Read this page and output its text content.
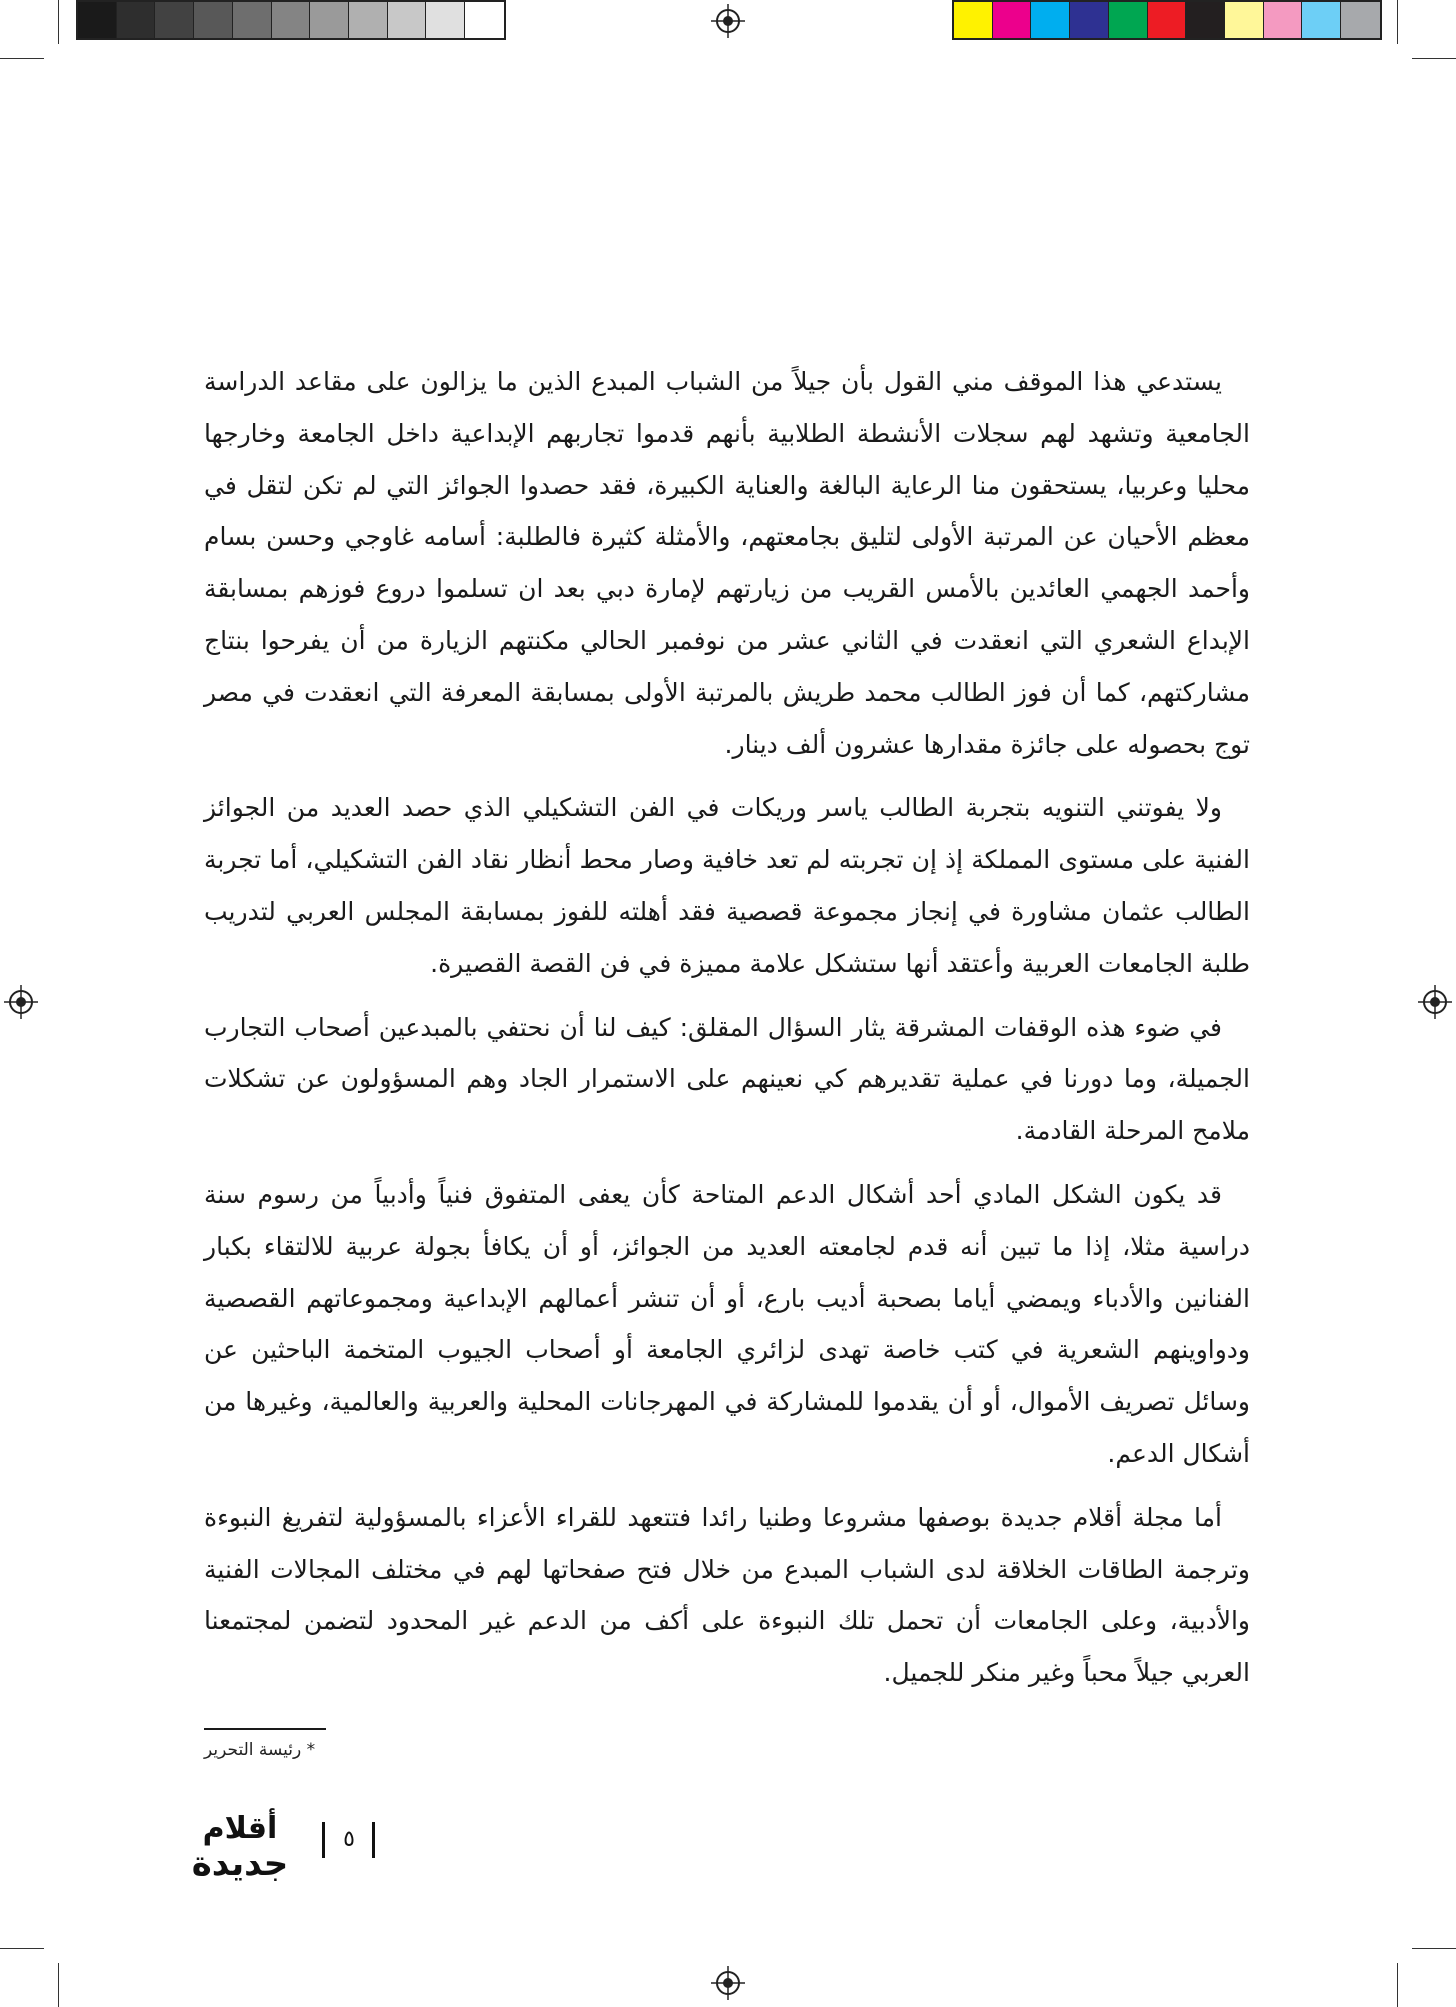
يستدعي هذا الموقف مني القول بأن جيلاً من الشباب المبدع الذين ما يزالون على مقاعد الدراسة الجامعية وتشهد لهم سجلات الأنشطة الطلابية بأنهم قدموا تجاربهم الإبداعية داخل الجامعة وخارجها محليا وعربيا، يستحقون منا الرعاية البالغة والعناية الكبيرة، فقد حصدوا الجوائز التي لم تكن لتقل في معظم الأحيان عن المرتبة الأولى لتليق بجامعتهم، والأمثلة كثيرة فالطلبة: أسامه غاوجي وحسن بسام وأحمد الجهمي العائدين بالأمس القريب من زيارتهم لإمارة دبي بعد ان تسلموا دروع فوزهم بمسابقة الإبداع الشعري التي انعقدت في الثاني عشر من نوفمبر الحالي مكنتهم الزيارة من أن يفرحوا بنتاج مشاركتهم، كما أن فوز الطالب محمد طريش بالمرتبة الأولى بمسابقة المعرفة التي انعقدت في مصر توج بحصوله على جائزة مقدارها عشرون ألف دينار.

ولا يفوتني التنويه بتجربة الطالب ياسر وريكات في الفن التشكيلي الذي حصد العديد من الجوائز الفنية على مستوى المملكة إذ إن تجربته لم تعد خافية وصار محط أنظار نقاد الفن التشكيلي، أما تجربة الطالب عثمان مشاورة في إنجاز مجموعة قصصية فقد أهلته للفوز بمسابقة المجلس العربي لتدريب طلبة الجامعات العربية وأعتقد أنها ستشكل علامة مميزة في فن القصة القصيرة.

في ضوء هذه الوقفات المشرقة يثار السؤال المقلق: كيف لنا أن نحتفي بالمبدعين أصحاب التجارب الجميلة، وما دورنا في عملية تقديرهم كي نعينهم على الاستمرار الجاد وهم المسؤولون عن تشكلات ملامح المرحلة القادمة.

قد يكون الشكل المادي أحد أشكال الدعم المتاحة كأن يعفى المتفوق فنياً وأدبياً من رسوم سنة دراسية مثلا، إذا ما تبين أنه قدم لجامعته العديد من الجوائز، أو أن يكافأ بجولة عربية للالتقاء بكبار الفنانين والأدباء ويمضي أياما بصحبة أديب بارع، أو أن تنشر أعمالهم الإبداعية ومجموعاتهم القصصية ودواوينهم الشعرية في كتب خاصة تهدى لزائري الجامعة أو أصحاب الجيوب المتخمة الباحثين عن وسائل تصريف الأموال، أو أن يقدموا للمشاركة في المهرجانات المحلية والعربية والعالمية، وغيرها من أشكال الدعم.

أما مجلة أقلام جديدة بوصفها مشروعا وطنيا رائدا فتتعهد للقراء الأعزاء بالمسؤولية لتفريغ النبوءة وترجمة الطاقات الخلاقة لدى الشباب المبدع من خلال فتح صفحاتها لهم في مختلف المجالات الفنية والأدبية، وعلى الجامعات أن تحمل تلك النبوءة على أكف من الدعم غير المحدود لتضمن لمجتمعنا العربي جيلاً محباً وغير منكر للجميل.

* رئيسة التحرير
أقلام
جديدة
٥
